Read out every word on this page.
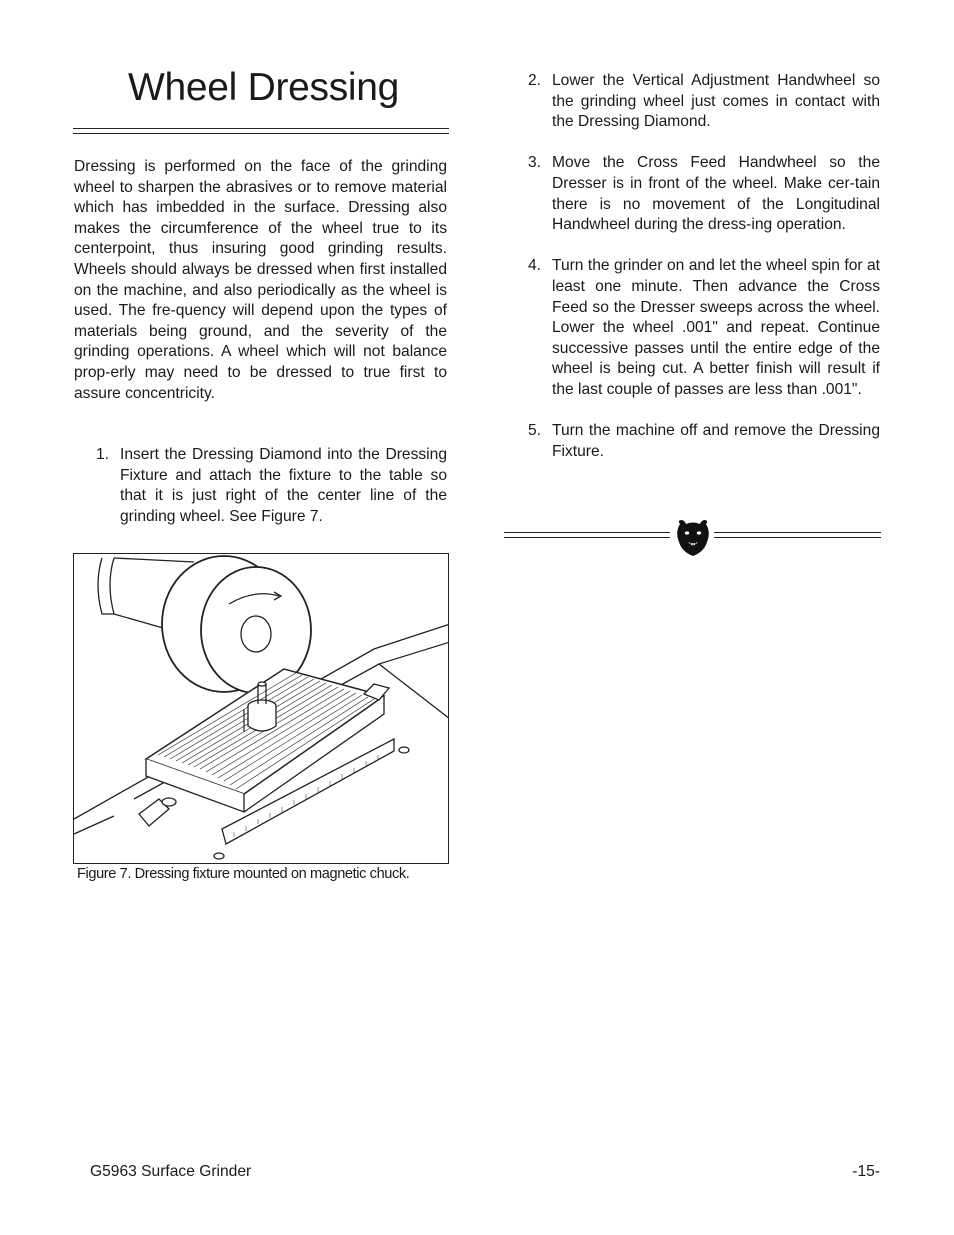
Wheel Dressing

Dressing is performed on the face of the grinding wheel to sharpen the abrasives or to remove material which has imbedded in the surface. Dressing also makes the circumference of the wheel true to its centerpoint, thus insuring good grinding results. Wheels should always be dressed when first installed on the machine, and also periodically as the wheel is used. The fre-quency will depend upon the types of materials being ground, and the severity of the grinding operations. A wheel which will not balance prop-erly may need to be dressed to true first to assure concentricity.

1. Insert the Dressing Diamond into the Dressing Fixture and attach the fixture to the table so that it is just right of the center line of the grinding wheel. See Figure 7.

Figure 7. Dressing fixture mounted on magnetic chuck.
2. Lower the Vertical Adjustment Handwheel so the grinding wheel just comes in contact with the Dressing Diamond.

3. Move the Cross Feed Handwheel so the Dresser is in front of the wheel. Make cer-tain there is no movement of the Longitudinal Handwheel during the dress-ing operation.

4. Turn the grinder on and let the wheel spin for at least one minute. Then advance the Cross Feed so the Dresser sweeps across the wheel. Lower the wheel .001" and repeat. Continue successive passes until the entire edge of the wheel is being cut. A better finish will result if the last couple of passes are less than .001".

5. Turn the machine off and remove the Dressing Fixture.

G5963 Surface Grinder	-15-
